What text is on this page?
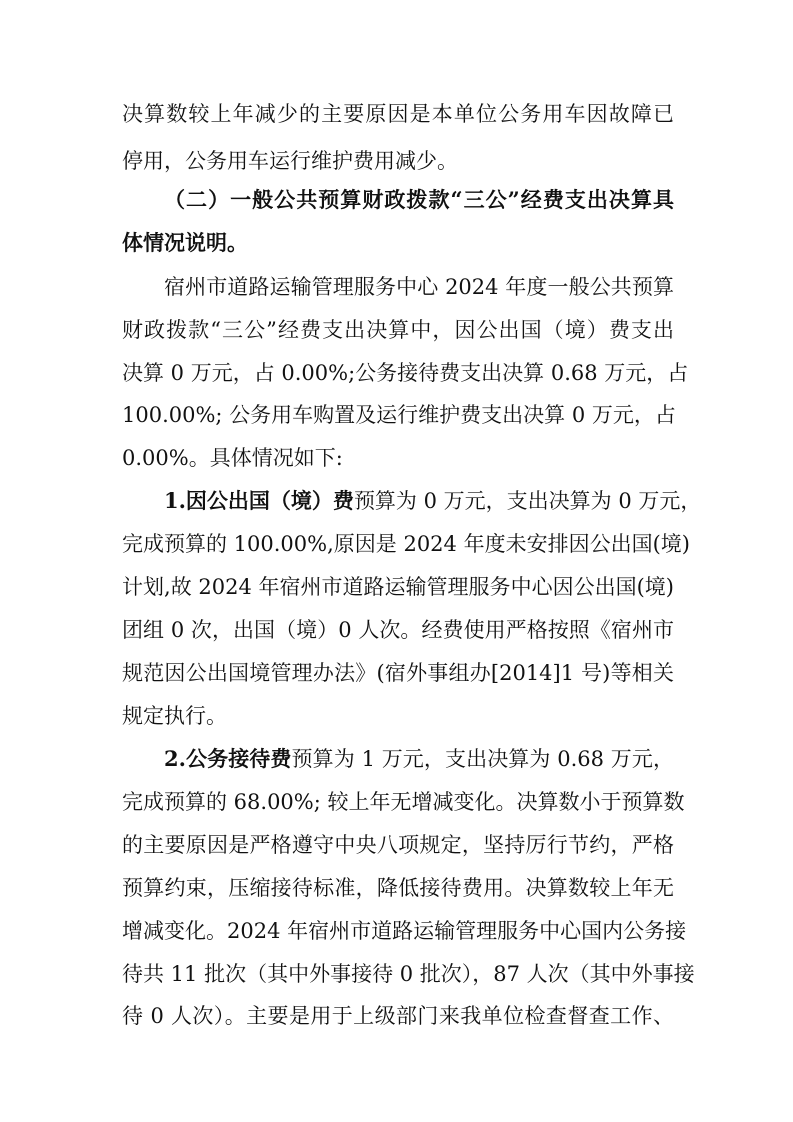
决算数较上年减少的主要原因是本单位公务用车因故障已
停用，公务用车运行维护费用减少。
（二）一般公共预算财政拨款“三公”经费支出决算具
体情况说明。
宿州市道路运输管理服务中心 2024 年度一般公共预算
财政拨款“三公”经费支出决算中，因公出国（境）费支出
决算 0 万元，占 0.00%;公务接待费支出决算 0.68 万元，占
100.00%; 公务用车购置及运行维护费支出决算 0 万元，占
0.00%。具体情况如下:
1.因公出国（境）费预算为 0 万元，支出决算为 0 万元，
完成预算的 100.00%,原因是 2024 年度未安排因公出国(境)
计划,故 2024 年宿州市道路运输管理服务中心因公出国(境)
团组 0 次，出国（境）0 人次。经费使用严格按照《宿州市
规范因公出国境管理办法》(宿外事组办[2014]1 号)等相关
规定执行。
2.公务接待费预算为 1 万元，支出决算为 0.68 万元，
完成预算的 68.00%; 较上年无增减变化。决算数小于预算数
的主要原因是严格遵守中央八项规定，坚持厉行节约，严格
预算约束，压缩接待标准，降低接待费用。决算数较上年无
增减变化。2024 年宿州市道路运输管理服务中心国内公务接
待共 11 批次（其中外事接待 0 批次），87 人次（其中外事接
待 0 人次）。主要是用于上级部门来我单位检查督查工作、
